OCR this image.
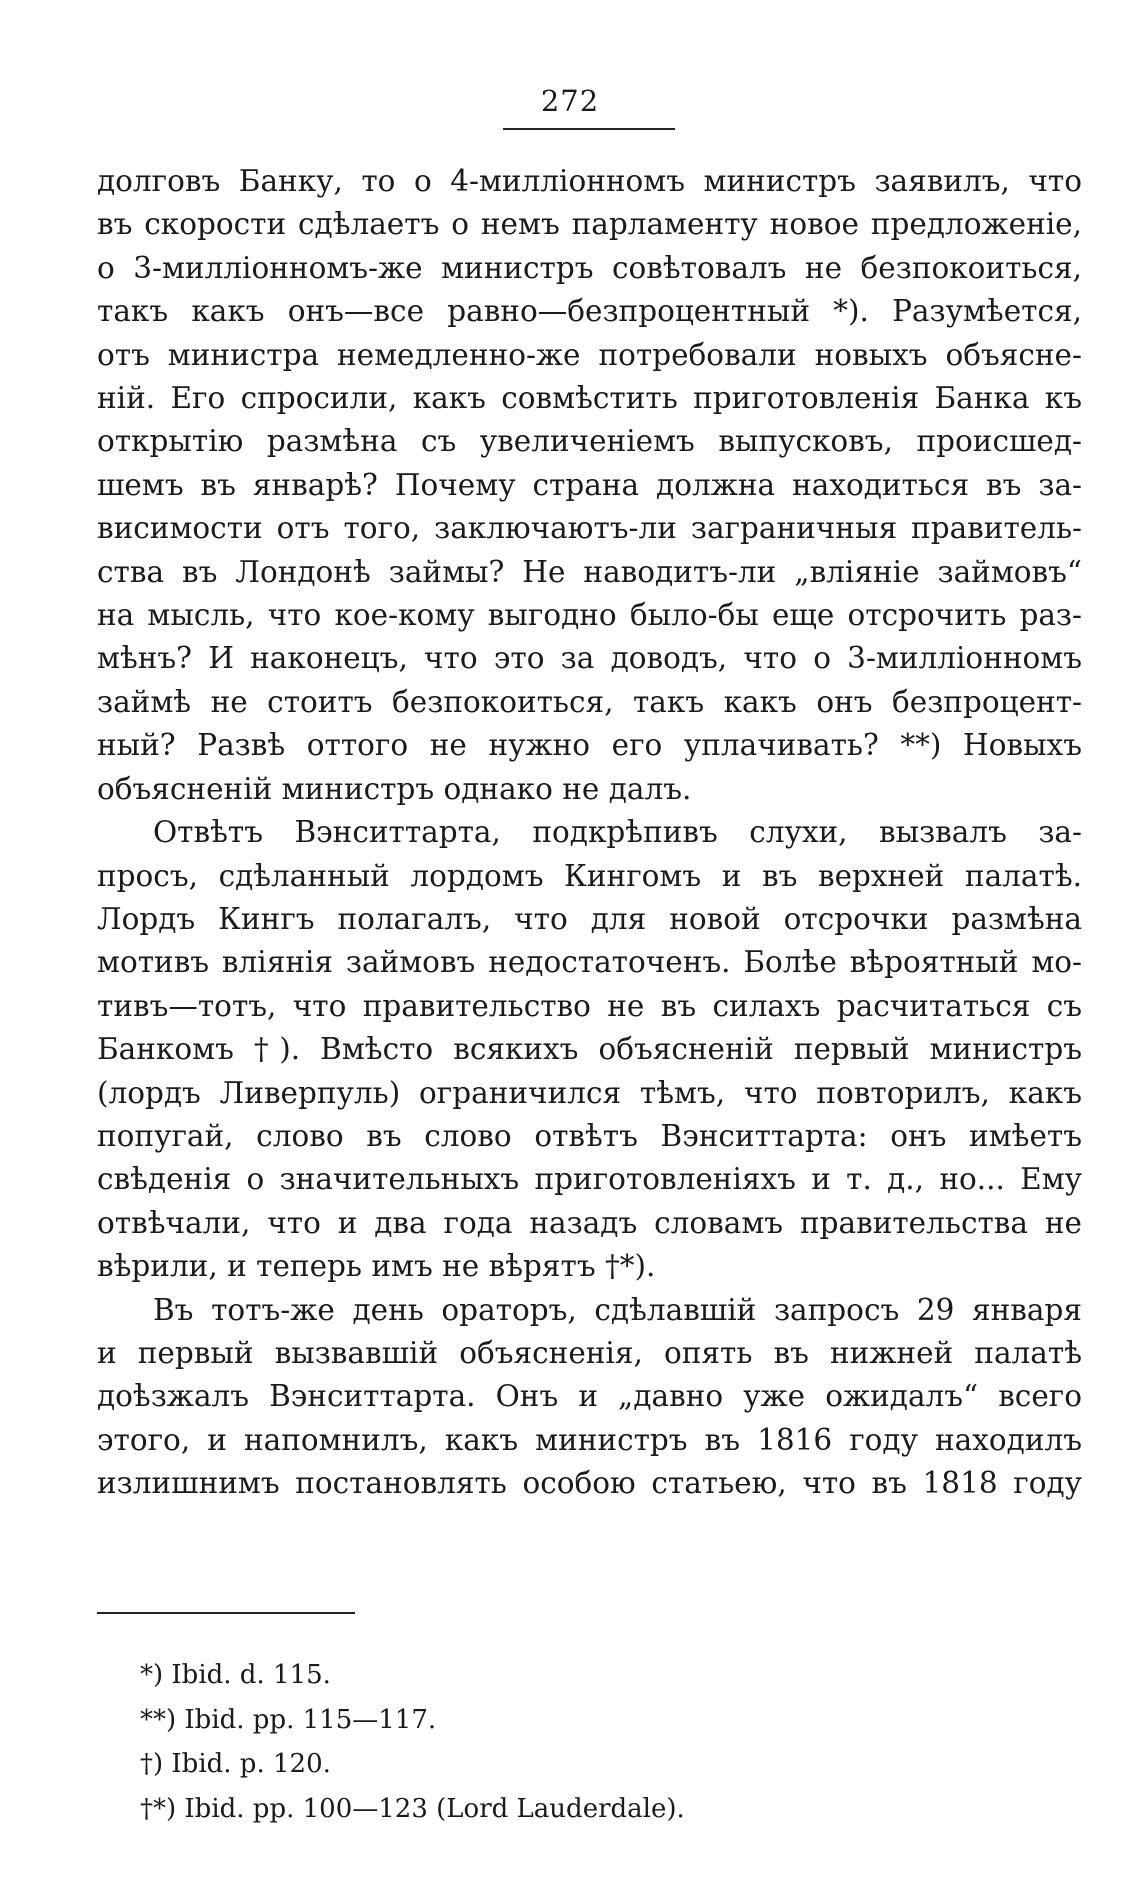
272
долговъ Банку, то о 4-милліонномъ министръ заявилъ, что
въ скорости сдѣлаетъ о немъ парламенту новое предложеніе,
о 3-милліонномъ-же министръ совѣтовалъ не безпокоиться,
такъ какъ онъ—все равно—безпроцентный *). Разумѣется,
отъ министра немедленно-же потребовали новыхъ объясне-
ній. Его спросили, какъ совмѣстить приготовленія Банка къ
открытію размѣна съ увеличеніемъ выпусковъ, происшед-
шемъ въ январѣ? Почему страна должна находиться въ за-
висимости отъ того, заключаютъ-ли заграничныя правитель-
ства въ Лондонѣ займы? Не наводитъ-ли „вліяніе займовъ“
на мысль, что кое-кому выгодно было-бы еще отсрочить раз-
мѣнъ? И наконецъ, что это за доводъ, что о 3-милліонномъ
займѣ не стоитъ безпокоиться, такъ какъ онъ безпроцент-
ный? Развѣ оттого не нужно его уплачивать? **) Новыхъ
объясненій министръ однако не далъ.
Отвѣтъ Вэнситтарта, подкрѣпивъ слухи, вызвалъ за-
просъ, сдѣланный лордомъ Кингомъ и въ верхней палатѣ.
Лордъ Кингъ полагалъ, что для новой отсрочки размѣна
мотивъ вліянія займовъ недостаточенъ. Болѣе вѣроятный мо-
тивъ—тотъ, что правительство не въ силахъ расчитаться съ
Банкомъ †). Вмѣсто всякихъ объясненій первый министръ
(лордъ Ливерпуль) ограничился тѣмъ, что повторилъ, какъ
попугай, слово въ слово отвѣтъ Вэнситтарта: онъ имѣетъ
свѣденія о значительныхъ приготовленіяхъ и т. д., но... Ему
отвѣчали, что и два года назадъ словамъ правительства не
вѣрили, и теперь имъ не вѣрятъ †*).
Въ тотъ-же день ораторъ, сдѣлавшій запросъ 29 января
и первый вызвавшій объясненія, опять въ нижней палатѣ
доѣзжалъ Вэнситтарта. Онъ и „давно уже ожидалъ“ всего
этого, и напомнилъ, какъ министръ въ 1816 году находилъ
излишнимъ постановлять особою статьею, что въ 1818 году
*) Ibid. d. 115.
**) Ibid. pp. 115—117.
†) Ibid. p. 120.
†*) Ibid. pp. 100—123 (Lord Lauderdale).
